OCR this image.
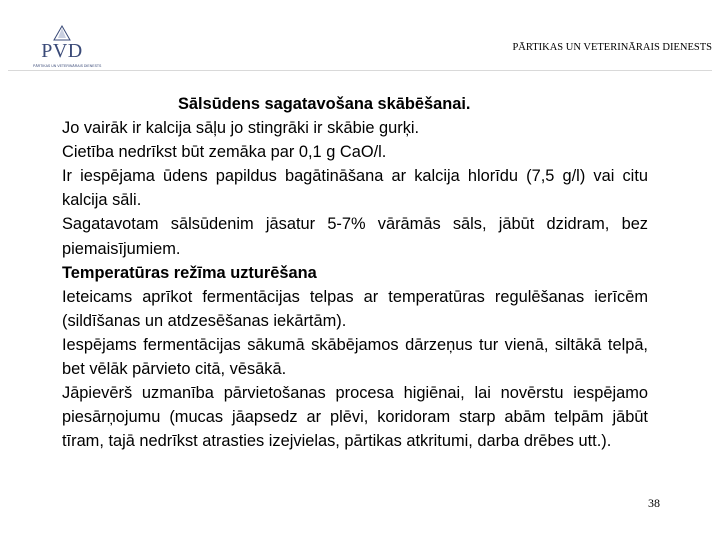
PVD
PĀRTIKAS UN VETERINĀRAIS DIENESTS
PĀRTIKAS UN VETERINĀRAIS DIENESTS

Sālsūdens sagatavošana skābēšanai.

Jo vairāk ir kalcija sāļu jo stingrāki ir skābie gurķi.

Cietība nedrīkst būt zemāka par 0,1 g CaO/l.

Ir iespējama ūdens papildus bagātināšana ar kalcija hlorīdu (7,5 g/l) vai citu kalcija sāli.

Sagatavotam sālsūdenim jāsatur 5-7% vārāmās sāls, jābūt dzidram, bez piemaisījumiem.

Temperatūras režīma uzturēšana

Ieteicams aprīkot fermentācijas telpas ar temperatūras regulēšanas ierīcēm (sildīšanas un atdzesēšanas iekārtām).

Iespējams fermentācijas sākumā skābējamos dārzeņus tur vienā, siltākā telpā, bet vēlāk pārvieto citā, vēsākā.

Jāpievērš uzmanība pārvietošanas procesa higiēnai, lai novērstu iespējamo piesārņojumu (mucas jāapsedz ar plēvi, koridoram starp abām telpām jābūt tīram, tajā nedrīkst atrasties izejvielas, pārtikas atkritumi, darba drēbes utt.).

38
